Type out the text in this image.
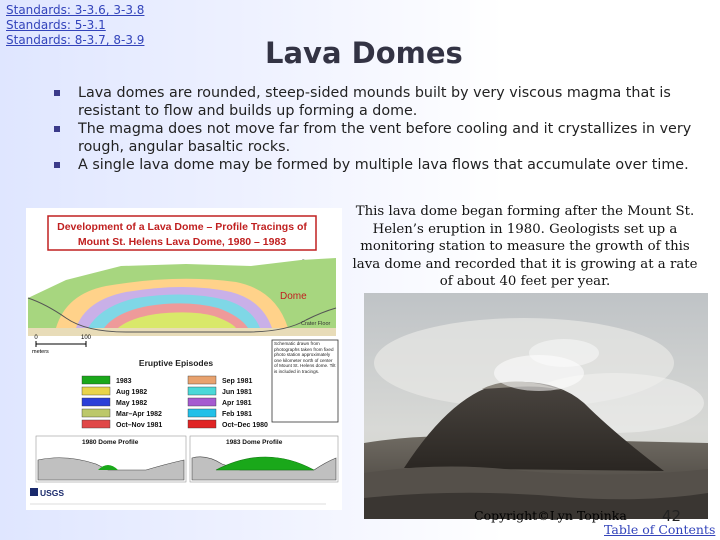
Standards: 3-3.6, 3-3.8
Standards: 5-3.1
Standards: 8-3.7, 8-3.9	Lava Domes
Lava domes are rounded, steep-sided mounds built by very viscous magma that is resistant to flow and builds up forming a dome.
The magma does not move far from the vent before cooling and it crystallizes in very rough, angular basaltic rocks.
A single lava dome may be formed by multiple lava flows that accumulate over time.

This lava dome began forming after the Mount St. Helen’s eruption in 1980. Geologists set up a monitoring station to measure the growth of this lava dome and recorded that it is growing at a rate of about 40 feet per year.

Development of a Lava Dome – Profile Tracings of
Mount St. Helens Lava Dome, 1980 – 1983
Dome
Crater Floor
0	100
meters
Eruptive Episodes
1983
Aug 1982
May 1982
Mar–Apr 1982
Oct–Nov 1981
Sep 1981
Jun 1981
Apr 1981
Feb 1981
Oct–Dec 1980
Schematic drawn from photographs taken from fixed photo station approximately one kilometer north of center of Mount St. Helens dome. Tilt is included in tracings.
1980 Dome Profile	1983 Dome Profile
USGS
Copyright©Lyn Topinka 42
Table of Contents
